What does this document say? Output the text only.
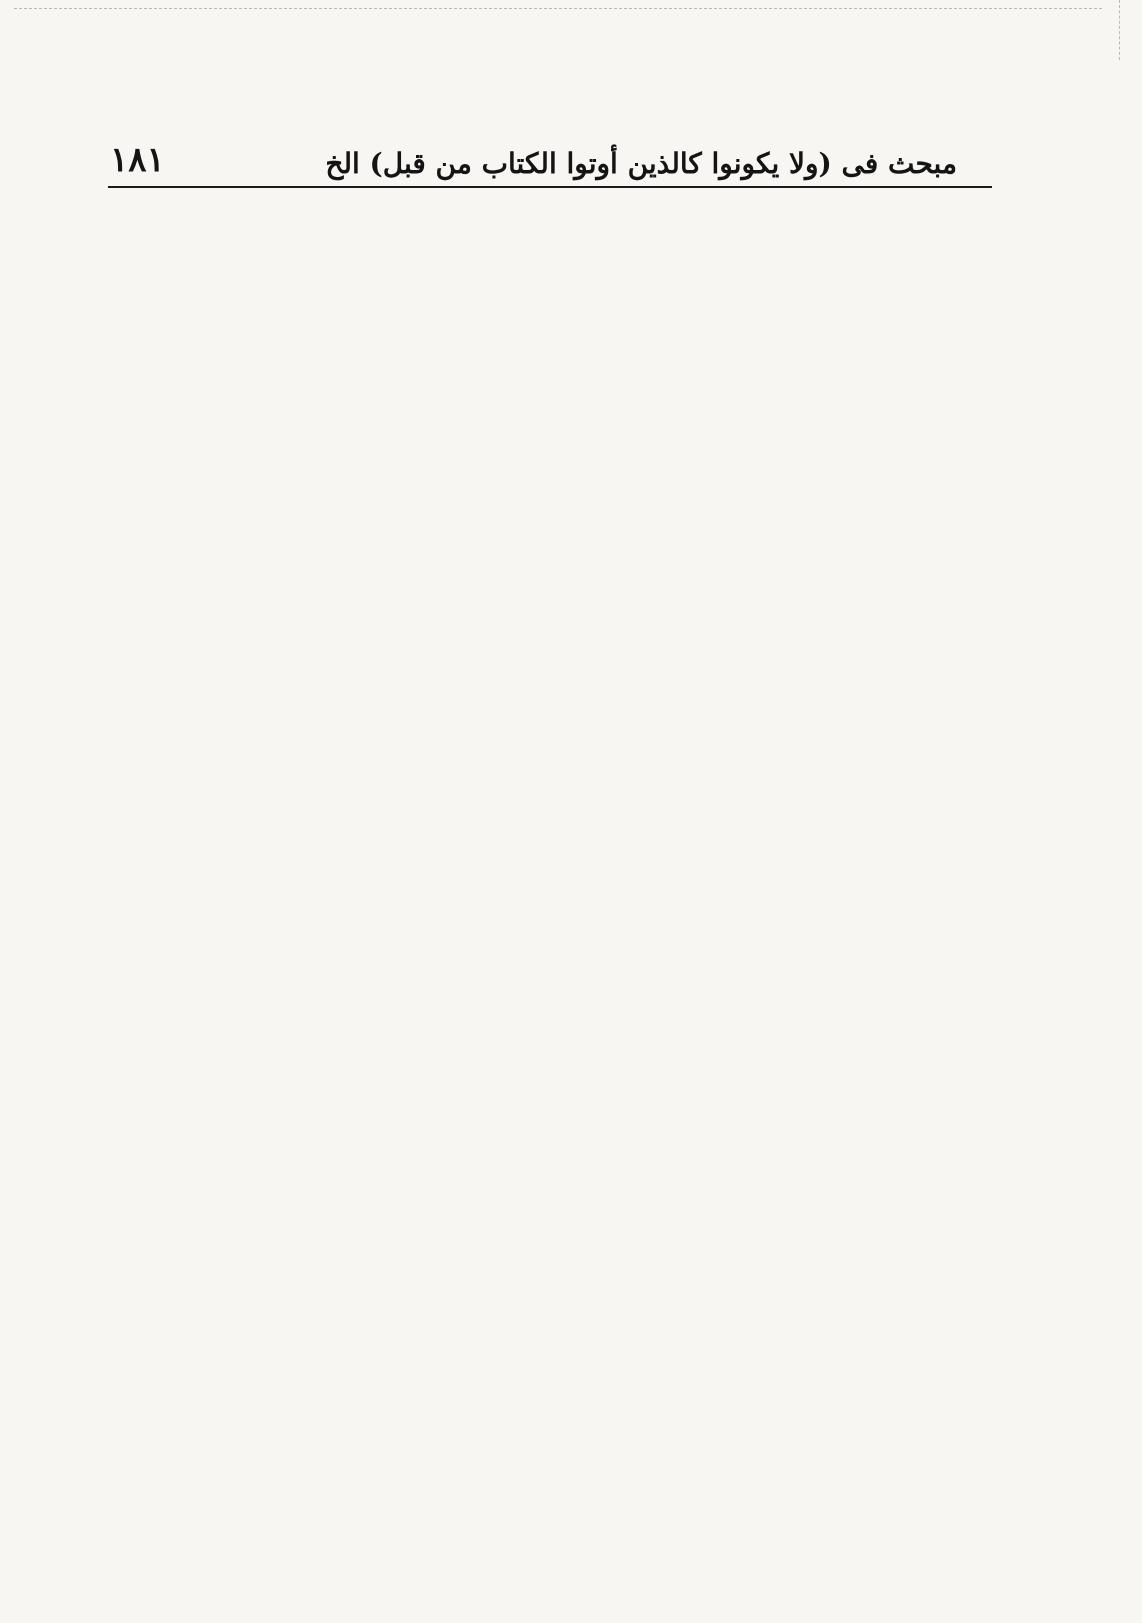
مبحث فى (ولا يكونوا كالذين أوتوا الكتاب من قبل) الخ
١٨١
